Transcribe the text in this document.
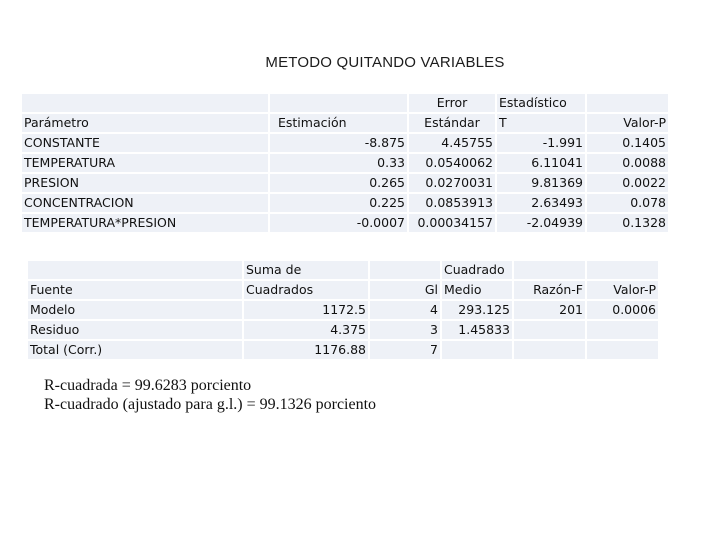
METODO QUITANDO VARIABLES
		Error	Estadístico	
Parámetro	Estimación	Estándar	T	Valor-P
CONSTANTE	-8.875	4.45755	-1.991	0.1405
TEMPERATURA	0.33	0.0540062	6.11041	0.0088
PRESION	0.265	0.0270031	9.81369	0.0022
CONCENTRACION	0.225	0.0853913	2.63493	0.078
TEMPERATURA*PRESION	-0.0007	0.00034157	-2.04939	0.1328
	Suma de		Cuadrado		
Fuente	Cuadrados	Gl	Medio	Razón-F	Valor-P
Modelo	1172.5	4	293.125	201	0.0006
Residuo	4.375	3	1.45833		
Total (Corr.)	1176.88	7			
R-cuadrada = 99.6283 porciento
R-cuadrado (ajustado para g.l.) = 99.1326 porciento
